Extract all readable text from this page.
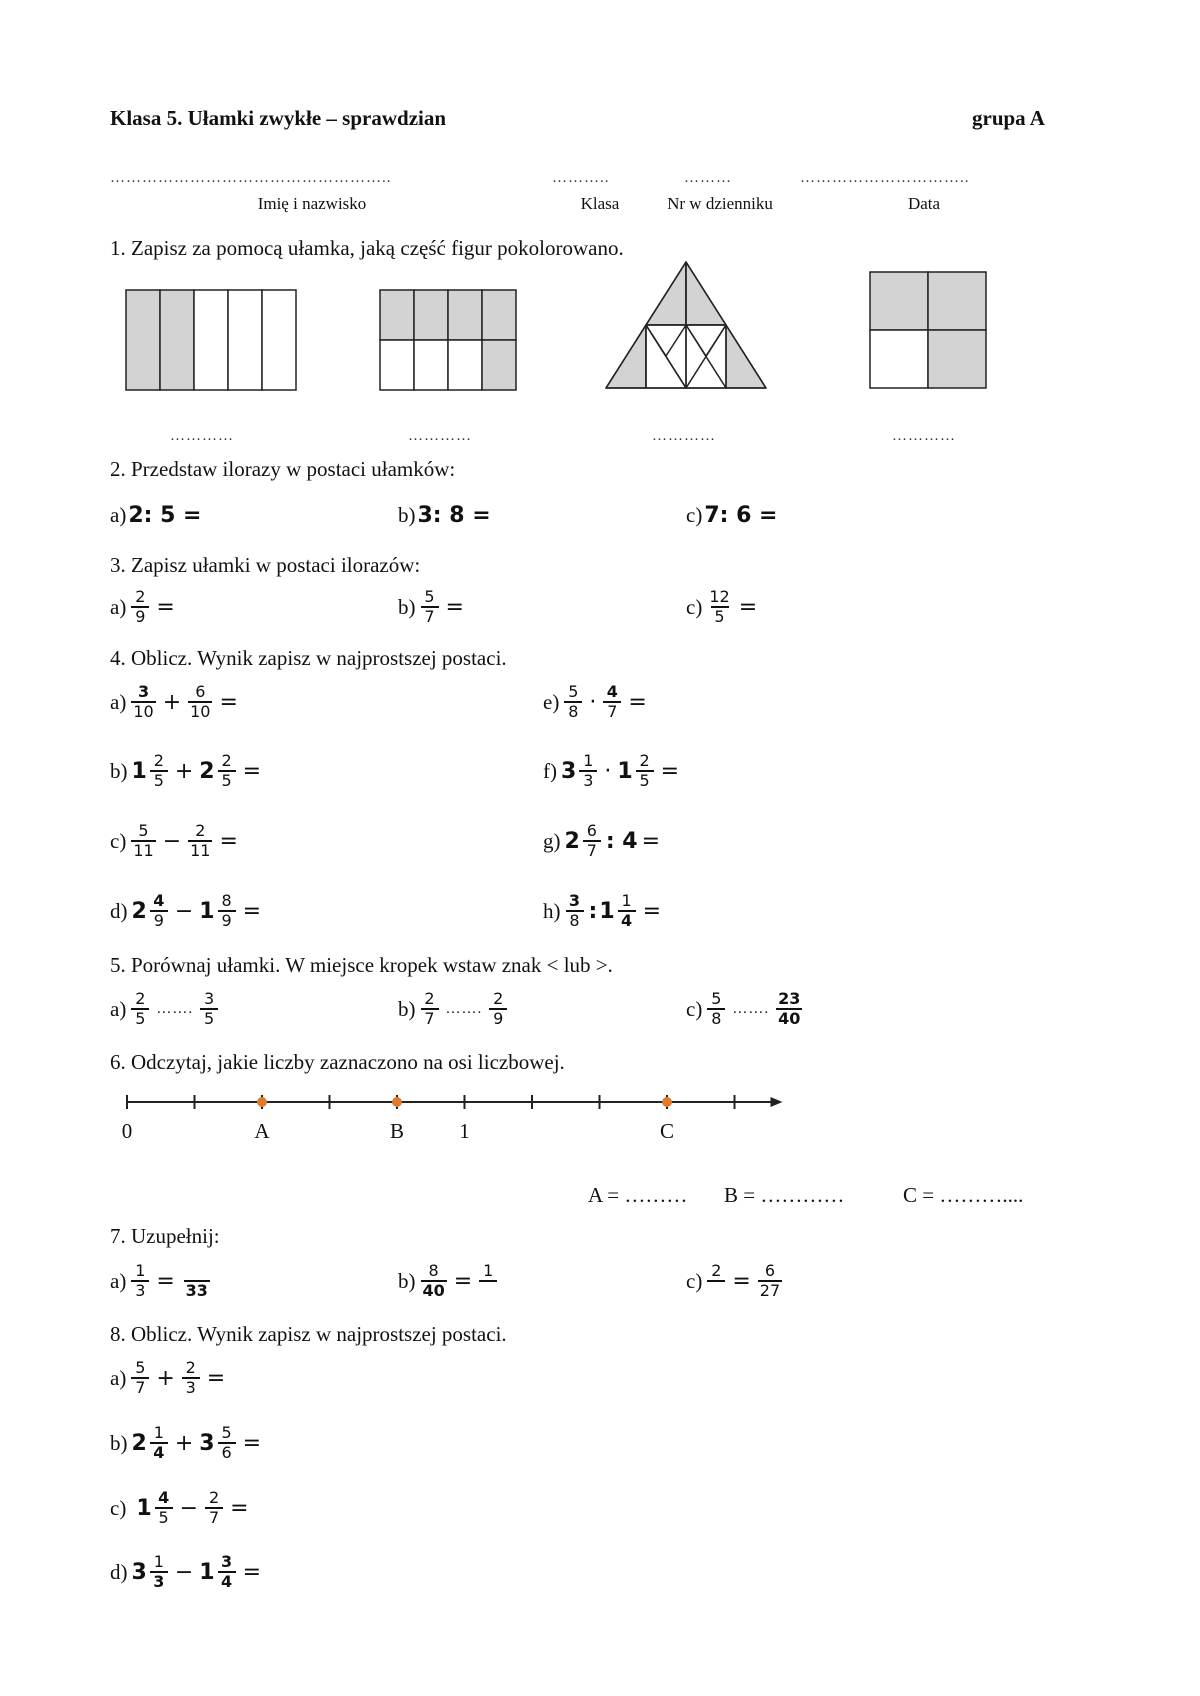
Klasa 5. Ułamki zwykłe – sprawdzian	grupa A
……………………………………………..	………..	………	…………………………..
Imię i nazwisko	Klasa	Nr w dzienniku	Data
1. Zapisz za pomocą ułamka, jaką część figur pokolorowano.
…………	…………	…………	…………
2. Przedstaw ilorazy w postaci ułamków:
a) 2: 5 =	b) 3: 8 =	c) 7: 6 =
3. Zapisz ułamki w postaci ilorazów:
$a) \frac{2}{9}$ =	$b) \frac{5}{7}$ =	$c) \frac{12}{5}$ =
4. Oblicz. Wynik zapisz w najprostszej postaci.
$a) \frac{3}{10} + \frac{6}{10}$ =	$e) \frac{5}{8} \cdot \frac{4}{7}$ =
b) $1 \frac{2}{5} + 2 \frac{2}{5}$ =	f) $3 \frac{1}{3} \cdot 1 \frac{2}{5}$ =
$c) \frac{5}{11} - \frac{2}{11}$ =	g) $2 \frac{6}{7}$ : 4 =
d) $2 \frac{4}{9} - 1 \frac{8}{9}$ =	$h) \frac{3}{8}$ : $1 \frac{1}{4}$ =
5. Porównaj ułamki. W miejsce kropek wstaw znak < lub >.
$a) \frac{2}{5}$ ……. $\frac{3}{5}$	$b) \frac{2}{7}$ ……. $\frac{2}{9}$	$c) \frac{5}{8}$ ……. $\frac{23}{40}$
6. Odczytaj, jakie liczby zaznaczono na osi liczbowej.
0	A	B	1	C
A = ……… B = …………	C = ………....
7. Uzupełnij:
$a) \frac{1}{3} = 33$	$b) \frac{8}{40} = 1$	c) $2 = \frac{6}{27}$
8. Oblicz. Wynik zapisz w najprostszej postaci.
$a) \frac{5}{7} + \frac{2}{3}$ =
b) $2 \frac{1}{4} + 3 \frac{5}{6}$ =
c) $1 \frac{4}{5} - \frac{2}{7}$ =
d) $3 \frac{1}{3} - 1 \frac{3}{4}$ =
